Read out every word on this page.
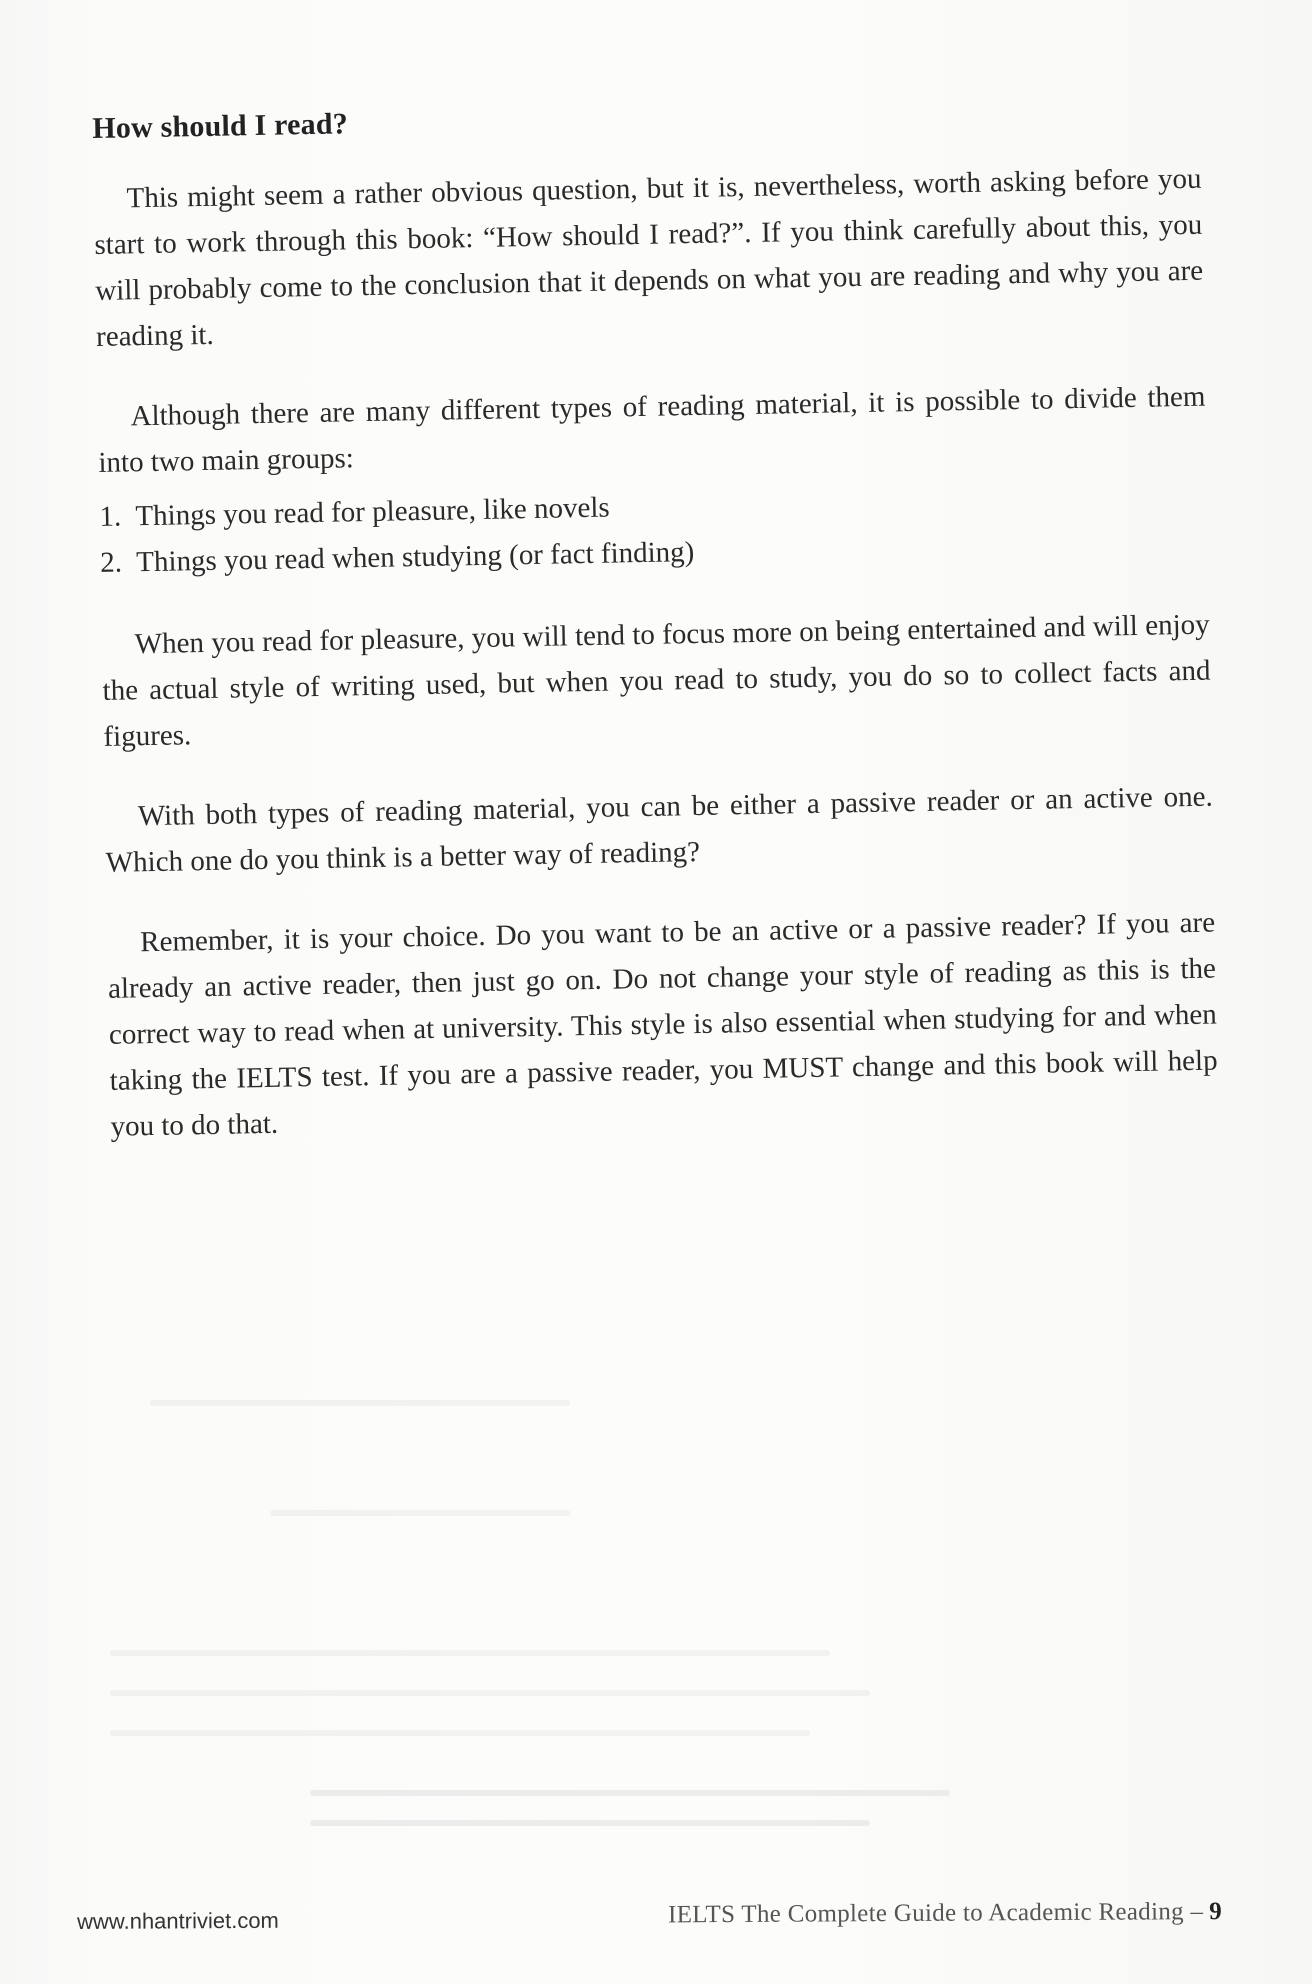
How should I read?

This might seem a rather obvious question, but it is, nevertheless, worth asking before you start to work through this book: “How should I read?”. If you think carefully about this, you will probably come to the conclusion that it depends on what you are reading and why you are reading it.

Although there are many different types of reading material, it is possible to divide them into two main groups:

1. Things you read for pleasure, like novels
2. Things you read when studying (or fact finding)

When you read for pleasure, you will tend to focus more on being entertained and will enjoy the actual style of writing used, but when you read to study, you do so to collect facts and figures.

With both types of reading material, you can be either a passive reader or an active one. Which one do you think is a better way of reading?

Remember, it is your choice. Do you want to be an active or a passive reader? If you are already an active reader, then just go on. Do not change your style of reading as this is the correct way to read when at university. This style is also essential when studying for and when taking the IELTS test. If you are a passive reader, you MUST change and this book will help you to do that.

www.nhantriviet.com	IELTS The Complete Guide to Academic Reading – 9
